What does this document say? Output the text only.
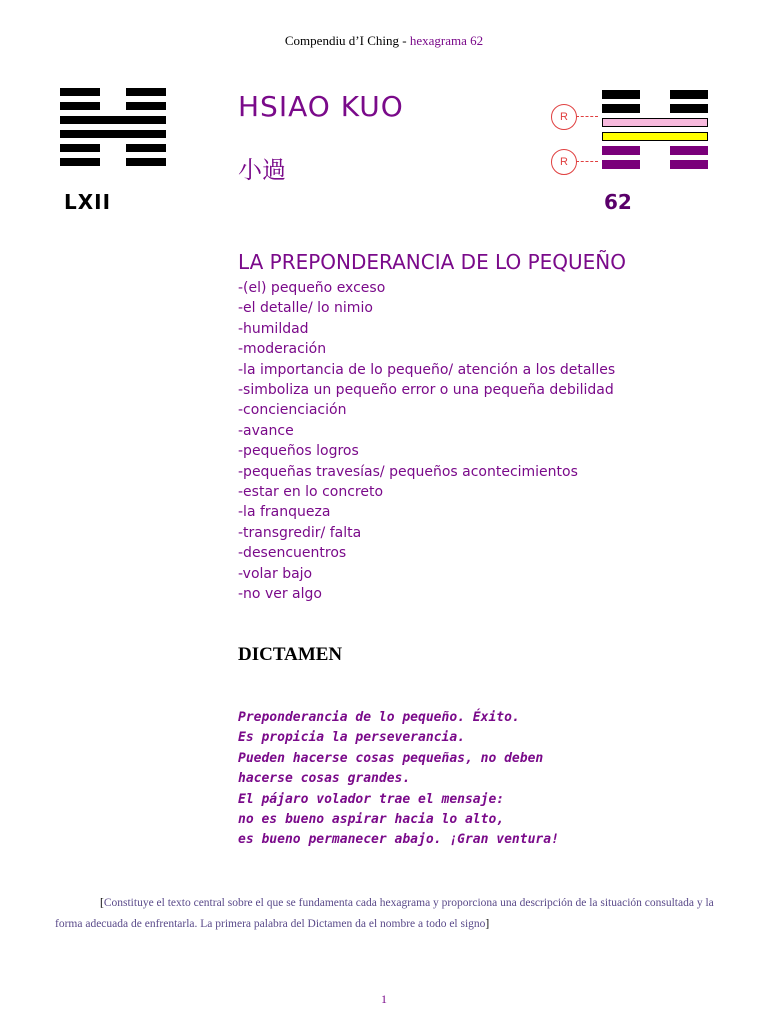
Compendiu d’I Ching - hexagrama 62
LXII
HSIAO KUO
小過
R
R
62
LA PREPONDERANCIA DE LO PEQUEÑO
-(el) pequeño exceso
-el detalle/ lo nimio
-humildad
-moderación
-la importancia de lo pequeño/ atención a los detalles
-simboliza un pequeño error o una pequeña debilidad
-concienciación
-avance
-pequeños logros
-pequeñas travesías/ pequeños acontecimientos
-estar en lo concreto
-la franqueza
-transgredir/ falta
-desencuentros
-volar bajo
-no ver algo
DICTAMEN
Preponderancia de lo pequeño. Éxito.
Es propicia la perseverancia.
Pueden hacerse cosas pequeñas, no deben
hacerse cosas grandes.
El pájaro volador trae el mensaje:
no es bueno aspirar hacia lo alto,
es bueno permanecer abajo. ¡Gran ventura!
[Constituye el texto central sobre el que se fundamenta cada hexagrama y proporciona una descripción de la situación consultada y la forma adecuada de enfrentarla. La primera palabra del Dictamen da el nombre a todo el signo]
1
